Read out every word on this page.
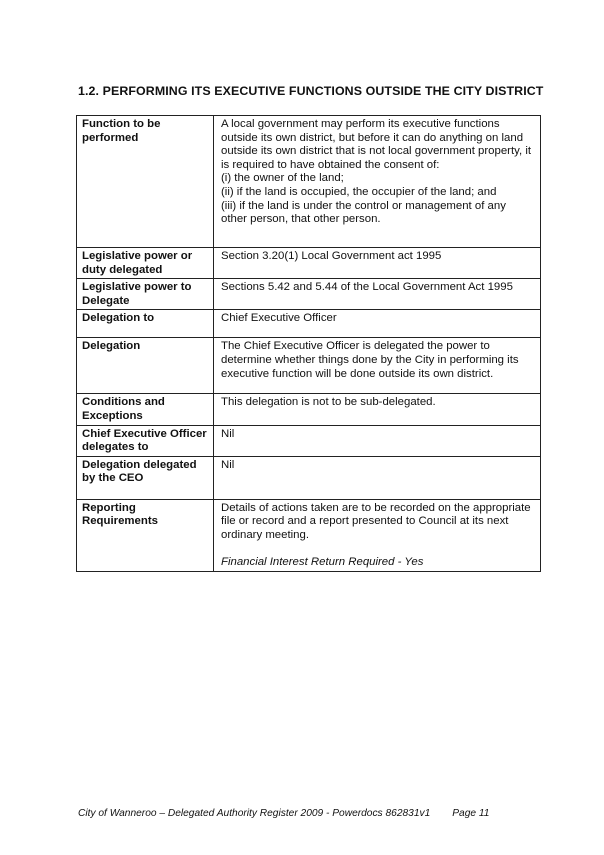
1.2. PERFORMING ITS EXECUTIVE FUNCTIONS OUTSIDE THE CITY DISTRICT
Function to be performed	A local government may perform its executive functions outside its own district, but before it can do anything on land outside its own district that is not local government property, it is required to have obtained the consent of:
(i) the owner of the land;
(ii) if the land is occupied, the occupier of the land; and
(iii) if the land is under the control or management of any other person, that other person.

Legislative power or duty delegated	Section 3.20(1) Local Government act 1995

Legislative power to Delegate	Sections 5.42 and 5.44 of the Local Government Act 1995

Delegation to	Chief Executive Officer

Delegation	The Chief Executive Officer is delegated the power to determine whether things done by the City in performing its executive function will be done outside its own district.

Conditions and Exceptions	This delegation is not to be sub-delegated.

Chief Executive Officer delegates to	Nil

Delegation delegated by the CEO	Nil

Reporting Requirements	Details of actions taken are to be recorded on the appropriate file or record and a report presented to Council at its next ordinary meeting.
Financial Interest Return Required - Yes
City of Wanneroo – Delegated Authority Register 2009 - Powerdocs 862831v1 Page 11
